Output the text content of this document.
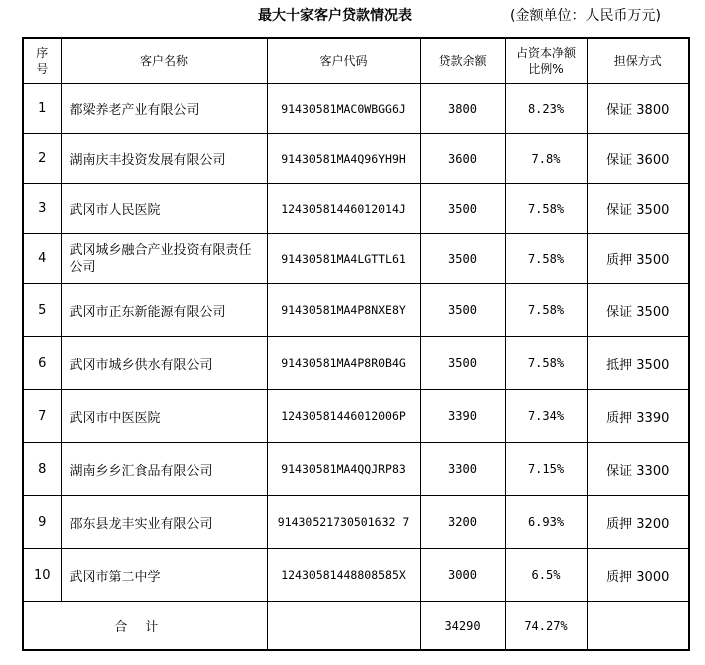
最大十家客户贷款情况表	(金额单位：人民币万元)
序号	客户名称	客户代码	贷款余额	占资本净额比例%	担保方式
1	都梁养老产业有限公司	91430581MAC0WBGG6J	3800	8.23%	保证 3800
2	湖南庆丰投资发展有限公司	91430581MA4Q96YH9H	3600	7.8%	保证 3600
3	武冈市人民医院	12430581446012014J	3500	7.58%	保证 3500
4	武冈城乡融合产业投资有限责任公司	91430581MA4LGTTL61	3500	7.58%	质押 3500
5	武冈市正东新能源有限公司	91430581MA4P8NXE8Y	3500	7.58%	保证 3500
6	武冈市城乡供水有限公司	91430581MA4P8R0B4G	3500	7.58%	抵押 3500
7	武冈市中医医院	12430581446012006P	3390	7.34%	质押 3390
8	湖南乡乡汇食品有限公司	91430581MA4QQJRP83	3300	7.15%	保证 3300
9	邵东县龙丰实业有限公司	91430521730501632 7	3200	6.93%	质押 3200
10	武冈市第二中学	12430581448808585X	3000	6.5%	质押 3000
合计			34290	74.27%	
